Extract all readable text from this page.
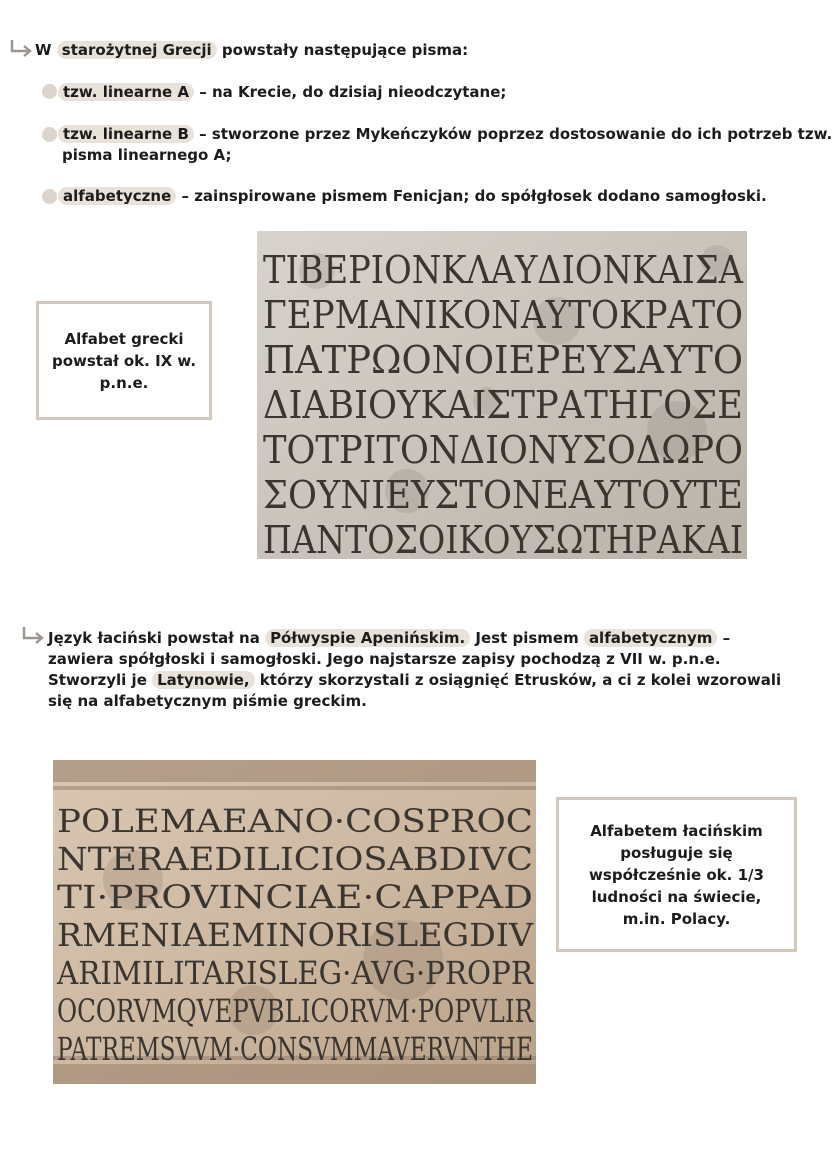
W starożytnej Grecji powstały następujące pisma:
tzw. linearne A – na Krecie, do dzisiaj nieodczytane;
tzw. linearne B – stworzone przez Mykeńczyków poprzez dostosowanie do ich potrzeb tzw.
pisma linearnego A;
alfabetyczne – zainspirowane pismem Fenicjan; do spółgłosek dodano samogłoski.
Alfabet grecki powstał ok. IX w. p.n.e.
ΤΙΒΕΡΙΟΝΚΛΑΥΔΙΟΝΚΑΙΣΑ
ΓΕΡΜΑΝΙΚΟΝΑΥΤΟΚΡΑΤΟ
ΠΑΤΡΩΟΝΟΙΕΡΕΥΣΑΥΤΟ
ΔΙΑΒΙΟΥΚΑΙΣΤΡΑΤΗΓΟΣΕ
ΤΟΤΡΙΤΟΝΔΙΟΝΥΣΟΔΩΡΟ
ΣΟΥΝΙΕΥΣΤΟΝΕΑΥΤΟΥΤΕ
ΠΑΝΤΟΣΟΙΚΟΥΣΩΤΗΡΑΚΑΙ
Język łaciński powstał na Półwyspie Apenińskim. Jest pismem alfabetycznym – zawiera spółgłoski i samogłoski. Jego najstarsze zapisy pochodzą z VII w. p.n.e. Stworzyli je Latynowie, którzy skorzystali z osiągnięć Etrusków, a ci z kolei wzorowali się na alfabetycznym piśmie greckim.
POLEMAEANO·COSPROC
NTERAEDILICIOSABDIVC
TI·PROVINCIAE·CAPPAD
RMENIAEMINORISLEGDIV
ARIMILITARISLEG·AVG·PROPR
OCORVMQVEPVBLICORVM·POPVLIR
PATREMSVVM·CONSVMMAVERVNTHE
Alfabetem łacińskim posługuje się współcześnie ok. 1/3 ludności na świecie, m.in. Polacy.
